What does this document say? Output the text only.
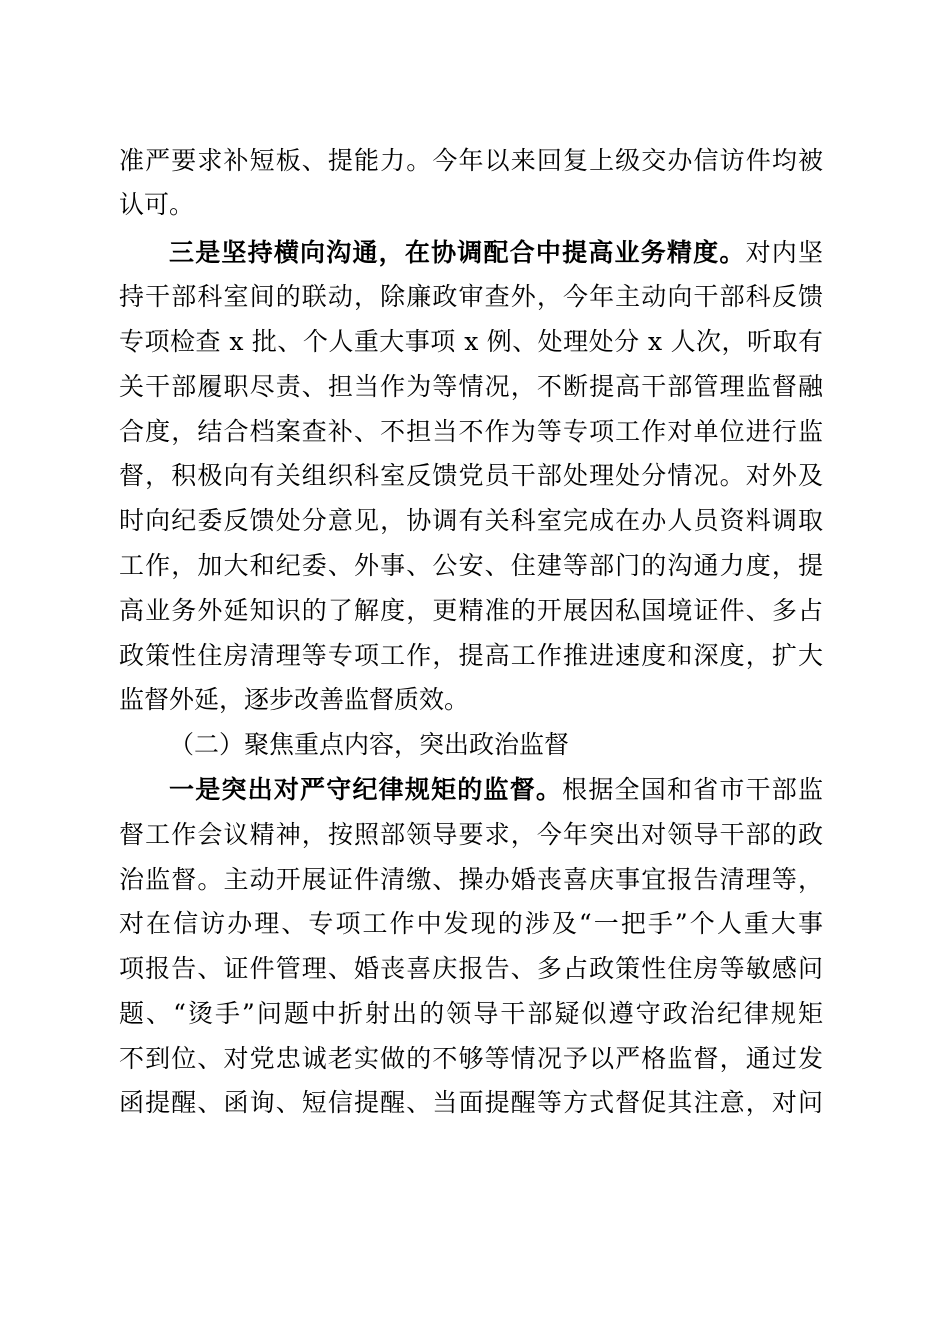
准严要求补短板、提能力。今年以来回复上级交办信访件均被
认可。
三是坚持横向沟通，在协调配合中提高业务精度。对内坚
持干部科室间的联动，除廉政审查外，今年主动向干部科反馈
专项检查 x 批、个人重大事项 x 例、处理处分 x 人次，听取有
关干部履职尽责、担当作为等情况，不断提高干部管理监督融
合度，结合档案查补、不担当不作为等专项工作对单位进行监
督，积极向有关组织科室反馈党员干部处理处分情况。对外及
时向纪委反馈处分意见，协调有关科室完成在办人员资料调取
工作，加大和纪委、外事、公安、住建等部门的沟通力度，提
高业务外延知识的了解度，更精准的开展因私国境证件、多占
政策性住房清理等专项工作，提高工作推进速度和深度，扩大
监督外延，逐步改善监督质效。
（二）聚焦重点内容，突出政治监督
一是突出对严守纪律规矩的监督。根据全国和省市干部监
督工作会议精神，按照部领导要求，今年突出对领导干部的政
治监督。主动开展证件清缴、操办婚丧喜庆事宜报告清理等，
对在信访办理、专项工作中发现的涉及“一把手”个人重大事
项报告、证件管理、婚丧喜庆报告、多占政策性住房等敏感问
题、“烫手”问题中折射出的领导干部疑似遵守政治纪律规矩
不到位、对党忠诚老实做的不够等情况予以严格监督，通过发
函提醒、函询、短信提醒、当面提醒等方式督促其注意，对问
